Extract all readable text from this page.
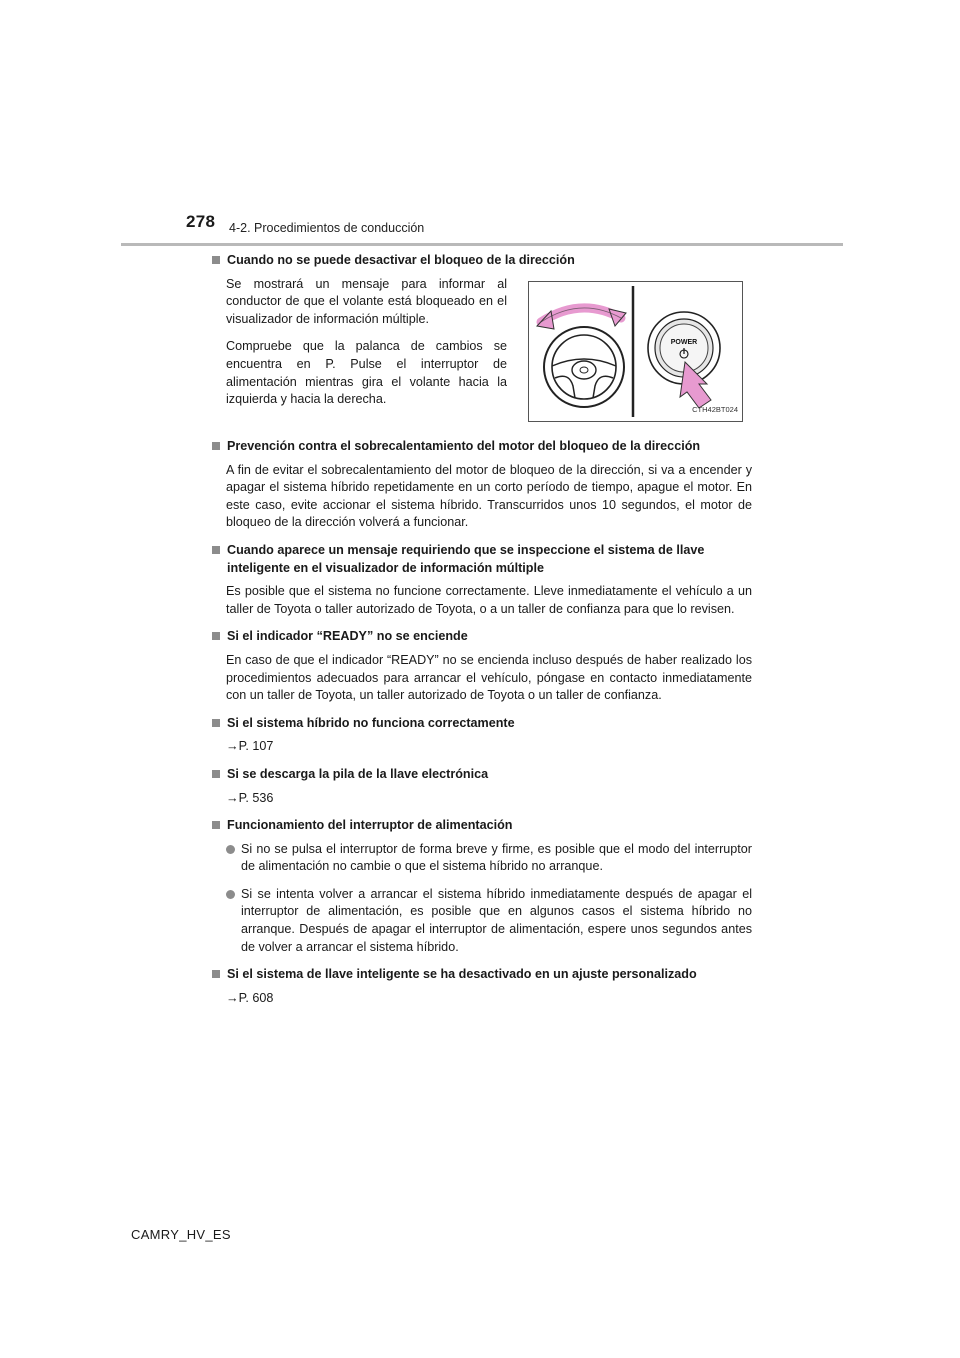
278 4-2. Procedimientos de conducción
Cuando no se puede desactivar el bloqueo de la dirección

Se mostrará un mensaje para informar al conductor de que el volante está bloqueado en el visualizador de información múltiple.

Compruebe que la palanca de cambios se encuentra en P. Pulse el interruptor de alimentación mientras gira el volante hacia la izquierda y hacia la derecha.

POWER
CTH42BT024
Prevención contra el sobrecalentamiento del motor del bloqueo de la dirección

A fin de evitar el sobrecalentamiento del motor de bloqueo de la dirección, si va a encender y apagar el sistema híbrido repetidamente en un corto período de tiempo, apague el motor. En este caso, evite accionar el sistema híbrido. Transcurridos unos 10 segundos, el motor de bloqueo de la dirección volverá a funcionar.

Cuando aparece un mensaje requiriendo que se inspeccione el sistema de llave inteligente en el visualizador de información múltiple

Es posible que el sistema no funcione correctamente. Lleve inmediatamente el vehículo a un taller de Toyota o taller autorizado de Toyota, o a un taller de confianza para que lo revisen.

Si el indicador “READY” no se enciende

En caso de que el indicador “READY” no se encienda incluso después de haber realizado los procedimientos adecuados para arrancar el vehículo, póngase en contacto inmediatamente con un taller de Toyota, un taller autorizado de Toyota o un taller de confianza.

Si el sistema híbrido no funciona correctamente

→P. 107

Si se descarga la pila de la llave electrónica

→P. 536

Funcionamiento del interruptor de alimentación
Si no se pulsa el interruptor de forma breve y firme, es posible que el modo del interruptor de alimentación no cambie o que el sistema híbrido no arranque.
Si se intenta volver a arrancar el sistema híbrido inmediatamente después de apagar el interruptor de alimentación, es posible que en algunos casos el sistema híbrido no arranque. Después de apagar el interruptor de alimentación, espere unos segundos antes de volver a arrancar el sistema híbrido.
Si el sistema de llave inteligente se ha desactivado en un ajuste personalizado

→P. 608

CAMRY_HV_ES
